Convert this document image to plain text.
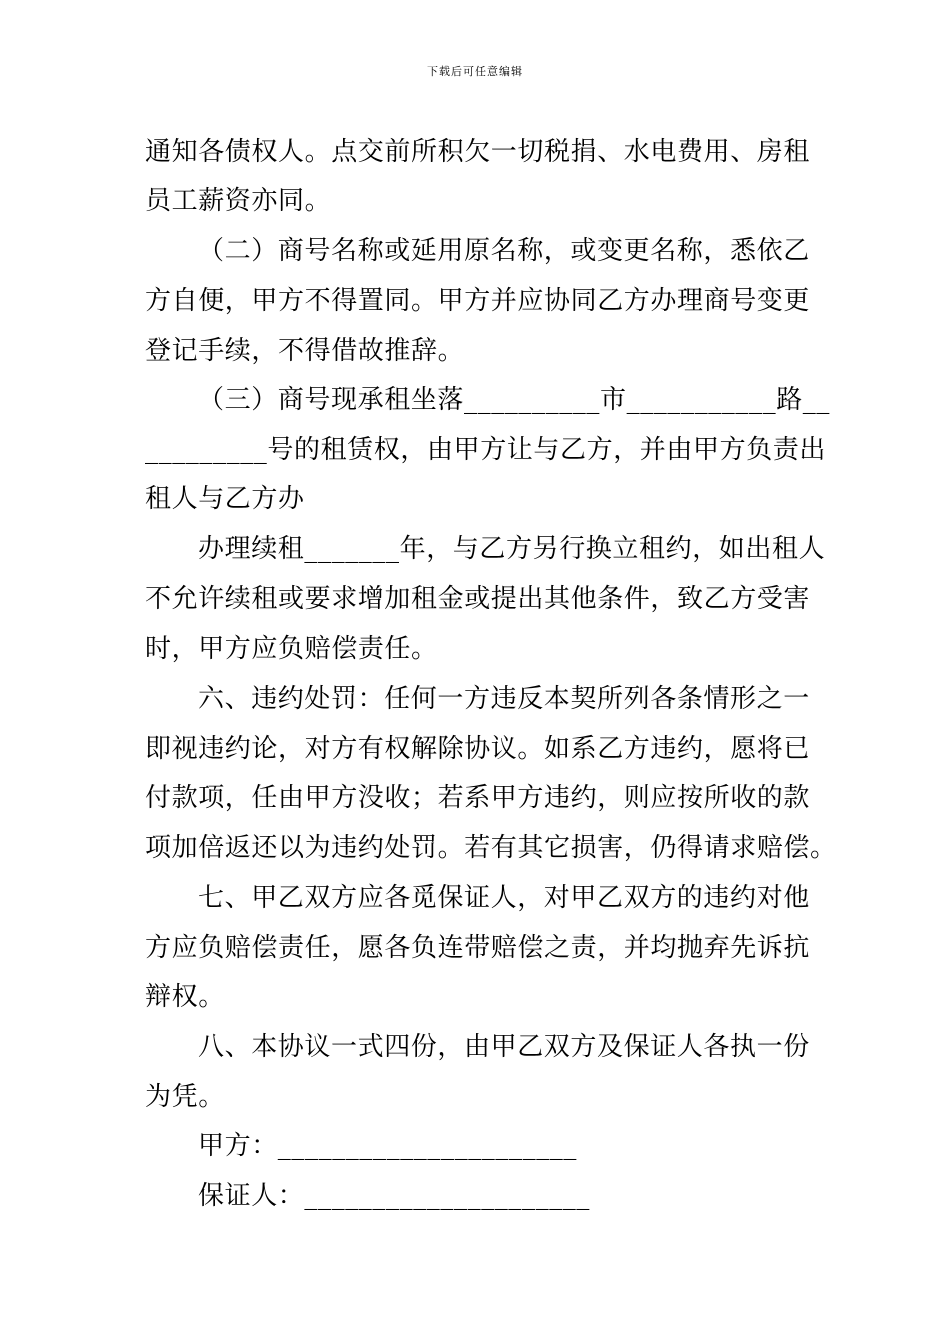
下载后可任意编辑
通知各债权人。点交前所积欠一切税捐、水电费用、房租
员工薪资亦同。
（二）商号名称或延用原名称，或变更名称，悉依乙
方自便，甲方不得置同。甲方并应协同乙方办理商号变更
登记手续，不得借故推辞。
（三）商号现承租坐落__________市___________路__
_________号的租赁权，由甲方让与乙方，并由甲方负责出
租人与乙方办
办理续租_______年，与乙方另行换立租约，如出租人
不允许续租或要求增加租金或提出其他条件，致乙方受害
时，甲方应负赔偿责任。
六、违约处罚：任何一方违反本契所列各条情形之一
即视违约论，对方有权解除协议。如系乙方违约，愿将已
付款项，任由甲方没收；若系甲方违约，则应按所收的款
项加倍返还以为违约处罚。若有其它损害，仍得请求赔偿。
七、甲乙双方应各觅保证人，对甲乙双方的违约对他
方应负赔偿责任，愿各负连带赔偿之责，并均抛弃先诉抗
辩权。
八、本协议一式四份，由甲乙双方及保证人各执一份
为凭。
甲方：______________________
保证人：_____________________
